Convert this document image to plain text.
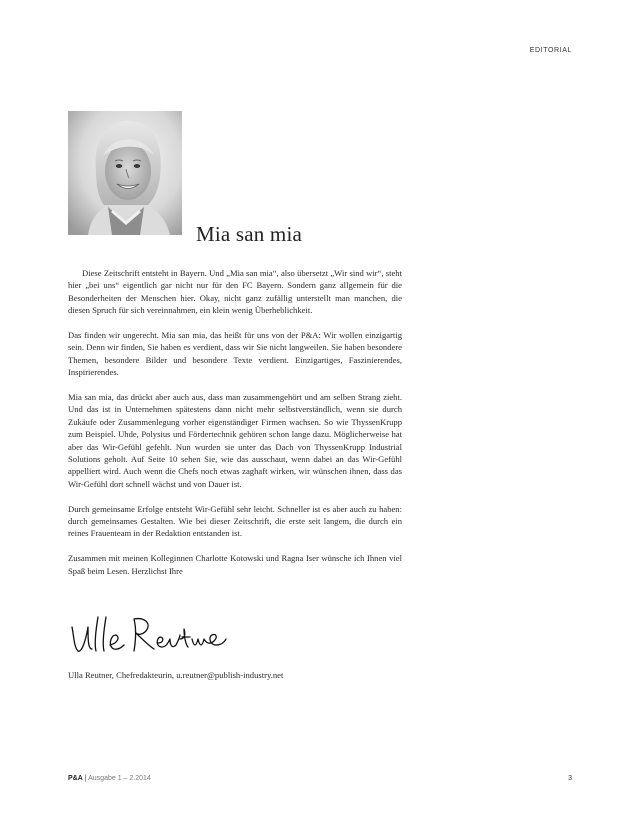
EDITORIAL
Mia san mia

Diese Zeitschrift entsteht in Bayern. Und „Mia san mia“, also übersetzt „Wir sind wir“, steht hier „bei uns“ eigentlich gar nicht nur für den FC Bayern. Sondern ganz allgemein für die Besonderheiten der Menschen hier. Okay, nicht ganz zufällig unterstellt man manchen, die diesen Spruch für sich vereinnahmen, ein klein wenig Überheblichkeit.

Das finden wir ungerecht. Mia san mia, das heißt für uns von der P&A: Wir wollen einzigartig sein. Denn wir finden, Sie haben es verdient, dass wir Sie nicht langweilen. Sie haben besondere Themen, besondere Bilder und besondere Texte verdient. Einzigartiges, Faszinierendes, Inspirierendes.

Mia san mia, das drückt aber auch aus, dass man zusammengehört und am selben Strang zieht. Und das ist in Unternehmen spätestens dann nicht mehr selbstverständlich, wenn sie durch Zukäufe oder Zusammenlegung vorher eigenständiger Firmen wachsen. So wie ThyssenKrupp zum Beispiel. Uhde, Polysius und Fördertechnik gehören schon lange dazu. Möglicherweise hat aber das Wir-Gefühl gefehlt. Nun wurden sie unter das Dach von ThyssenKrupp Industrial Solutions geholt. Auf Seite 10 sehen Sie, wie das ausschaut, wenn dabei an das Wir-Gefühl appelliert wird. Auch wenn die Chefs noch etwas zaghaft wirken, wir wünschen ihnen, dass das Wir-Gefühl dort schnell wächst und von Dauer ist.

Durch gemeinsame Erfolge entsteht Wir-Gefühl sehr leicht. Schneller ist es aber auch zu haben: durch gemeinsames Gestalten. Wie bei dieser Zeitschrift, die erste seit langem, die durch ein reines Frauenteam in der Redaktion entstanden ist.

Zusammen mit meinen Kolleginnen Charlotte Kotowski und Ragna Iser wünsche ich Ihnen viel Spaß beim Lesen. Herzlichst Ihre

Ulla Reutner, Chefredakteurin, u.reutner@publish-industry.net
P&A | Ausgabe 1 – 2.2014	3
